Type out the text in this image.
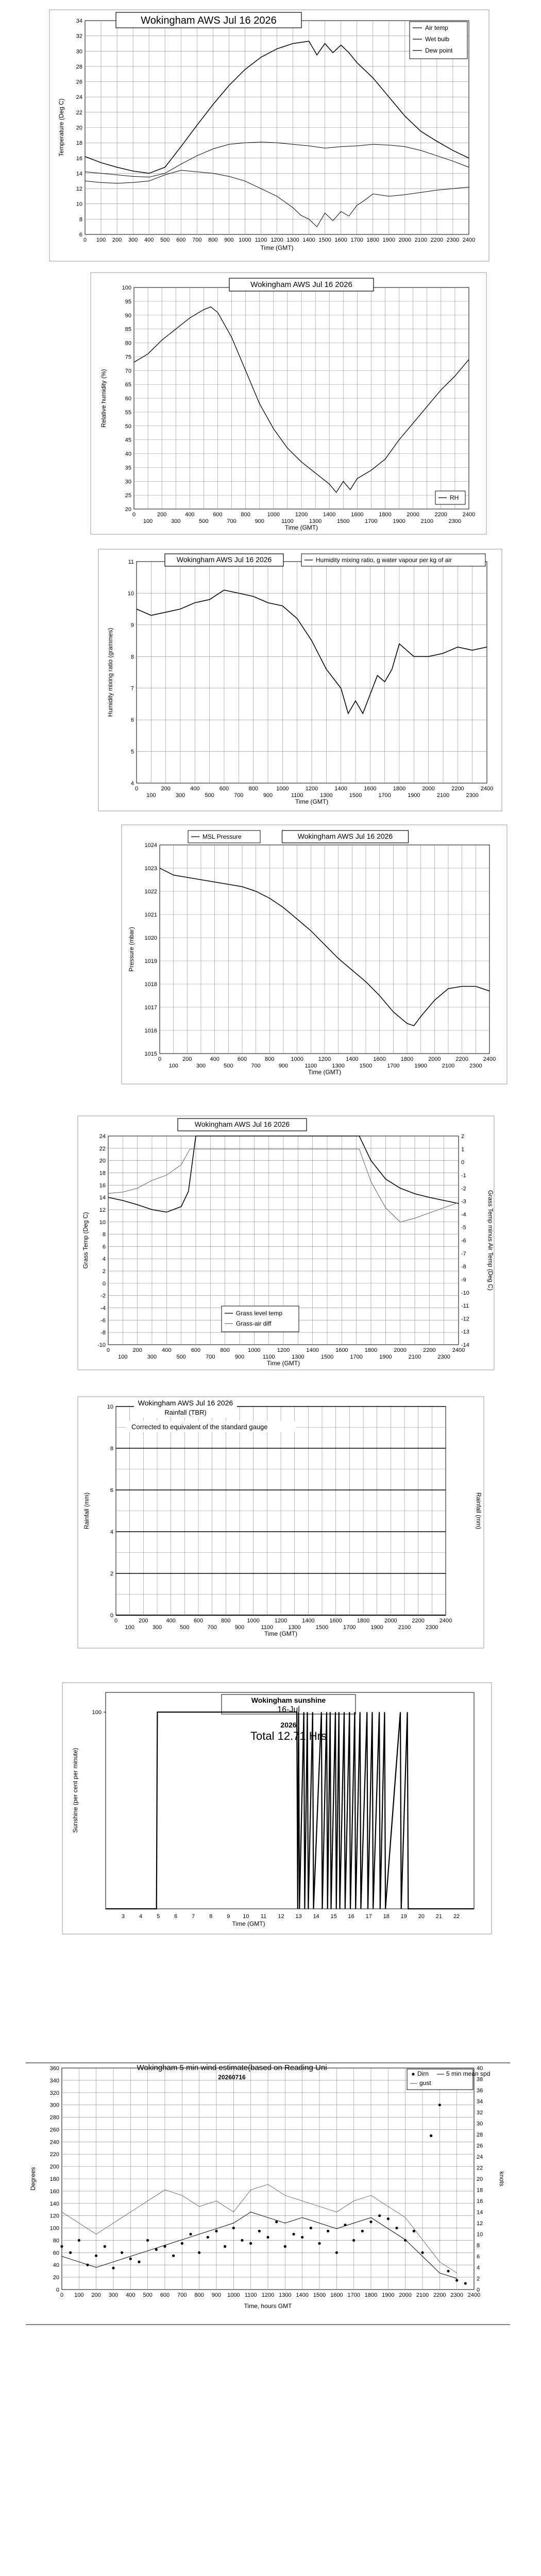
6
8
10
12
14
16
18
20
22
24
26
28
30
32
34
0 100 200 300 400 500 600 700 800 900 1000 1100 1200 1300 1400 1500 1600 1700 1800 1900 2000 2100 2200 2300 2400
Temperature (Deg C)
Time (GMT)
Wokingham AWS Jul 16 2026
Air temp
Wet bulb
Dew point
20
25
30
35
40
45
50
55
60
65
70
75
80
85
90
95
100
0	200	400	600	800	1000	1200	1400	1600	1800	2000	2200	2400
100	300	500	700	900	1100	1300	1500	1700	1900	2100	2300
Relative humidity (%)
Time (GMT)
Wokingham AWS Jul 16 2026
RH
4
5
6
7
8
9
10
11
0	200	400	600	800	1000	1200	1400	1600	1800	2000	2200	2400
100	300	500	700	900	1100	1300	1500	1700	1900	2100	2300
Humidity mixing ratio (grammes)
Time (GMT)
Wokingham AWS Jul 16 2026	Humidity mixing ratio, g water vapour per kg of air
1015
1016
1017
1018
1019
1020
1021
1022
1023
1024
0	200	400	600	800	1000	1200	1400	1600	1800	2000	2200	2400
100	300	500	700	900	1100	1300	1500	1700	1900	2100	2300
Pressure (mbar)
Time (GMT)
Wokingham AWS Jul 16 2026
MSL Pressure
-10
-8
-6
-4
-2
0
2
4
6
8
10
12
14
16
18
20
22
24
-14
-13
-12
-11
-10
-9
-8
-7
-6
-5
-4
-3
-2
-1
0
1
2
0	200	400	600	800	1000	1200	1400	1600	1800	2000	2200	2400
100	300	500	700	900	1100	1300	1500	1700	1900	2100	2300
Grass Temp (Deg C)	Grass Temp minus Air Temp (Deg C)
Time (GMT)
Wokingham AWS Jul 16 2026
Grass level temp
Grass-air diff
0
2
4
6
8
10
0	200	400	600	800	1000	1200	1400	1600	1800	2000	2200	2400
100	300	500	700	900	1100	1300	1500	1700	1900	2100	2300
Rainfall (mm)	Rainfall (mm)
Time (GMT)
Wokingham AWS Jul 16 2026
Rainfall (TBR)
Corrected to equivalent of the standard gauge
100
3	4	5	6	7	8	9 10 11 12 13 14 15 16 17 18 19 20 21 22
Sunshine (per cent per minute)
Time (GMT)
Wokingham sunshine
16-Jul
2026
Total 12.71 Hrs
0
20
40
60
80
100
120
140
160
180
200
220
240
260
280
300
320
340
360
0
2
4
6
8
10
12
14
16
18
20
22
24
26
28
30
32
34
36
38
40
0 100 200 300 400 500 600 700 800 900 1000 1100 1200 1300 1400 1500 1600 1700 1800 1900 2000 2100 2200 2300 2400
Degrees	knots
Time, hours GMT
Wokingham 5 min wind estimate(based on Reading Uni
20260716	Dirn	5 min mean spd
gust
